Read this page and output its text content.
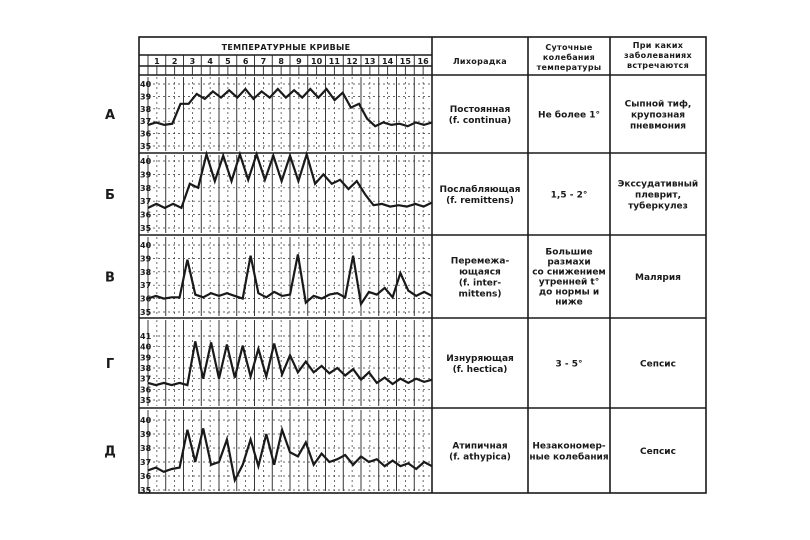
ТЕМПЕРАТУРНЫЕ КРИВЫЕ
Лихорадка
Суточные
колебания
температуры
При каких
заболеваниях
встречаются
1 2 3 4 5 6 7 8 9 10 11 12 13 14 15 16
А
40
39
38
37
36
35
Постоянная
(f. continua)
Не более 1°
Сыпной тиф,
крупозная
пневмония
Б
40
39
38
37
36
35
Послабляющая
(f. remittens)
1,5 - 2°
Экссудативный
плеврит,
туберкулез
В
40
39
38
37
36
35
Перемежа-
ющаяся
(f. inter-
mittens)
Большие
размахи
со снижением
утренней t°
до нормы и
ниже
Малярия
Г
41
40
39
38
37
36
35
Изнуряющая
(f. hectica)
3 - 5°	Сепсис
Д
40
39
38
37
36
35
Атипичная
(f. athypica)
Незакономер-
ные колебания
Сепсис
